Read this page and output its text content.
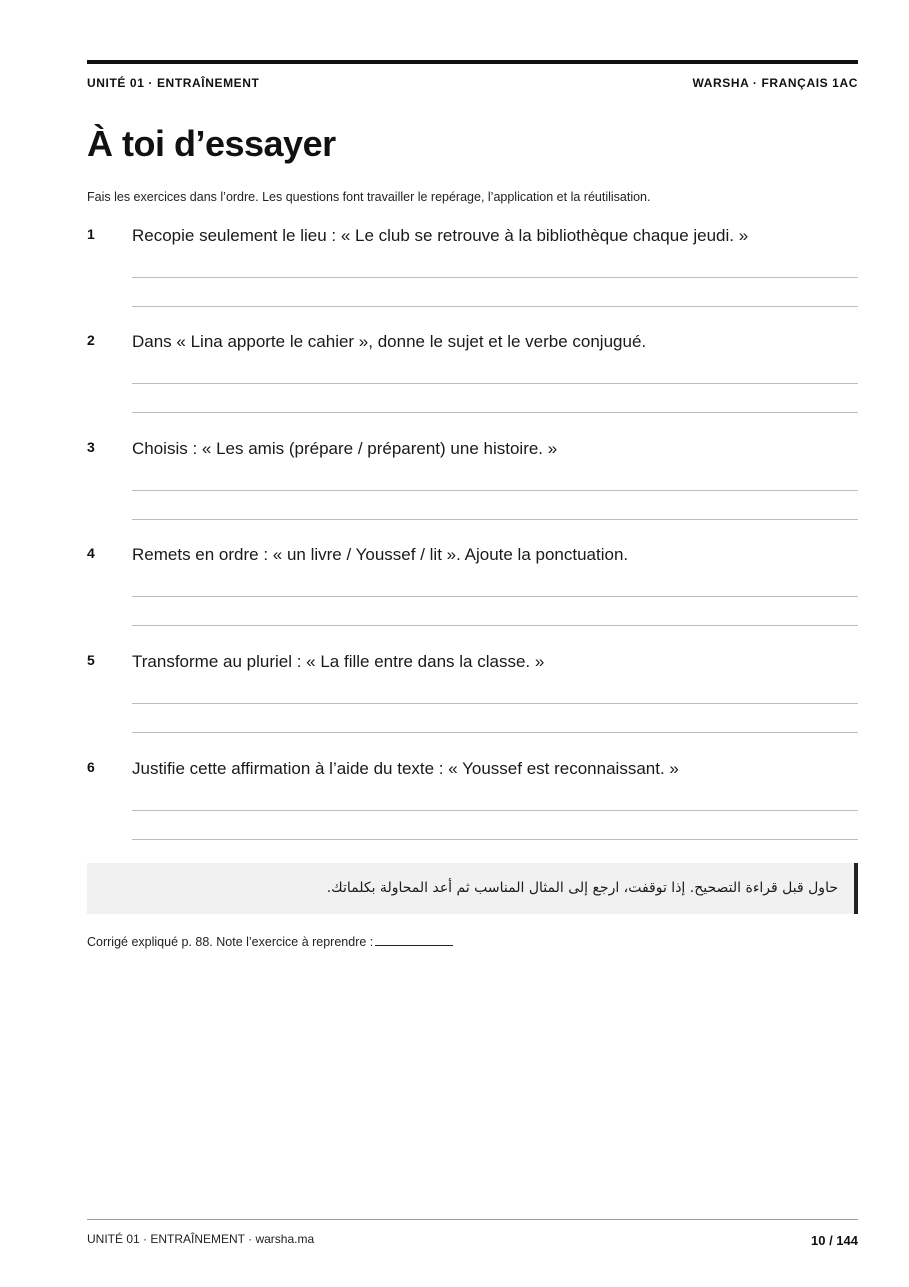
UNITÉ 01 · ENTRAÎNEMENT	WARSHA · FRANÇAIS 1AC
À toi d’essayer
Fais les exercices dans l’ordre. Les questions font travailler le repérage, l’application et la réutilisation.
1 Recopie seulement le lieu : « Le club se retrouve à la bibliothèque chaque jeudi. »
2 Dans « Lina apporte le cahier », donne le sujet et le verbe conjugué.
3 Choisis : « Les amis (prépare / préparent) une histoire. »
4 Remets en ordre : « un livre / Youssef / lit ». Ajoute la ponctuation.
5 Transforme au pluriel : « La fille entre dans la classe. »
6 Justifie cette affirmation à l’aide du texte : « Youssef est reconnaissant. »
حاول قبل قراءة التصحيح. إذا توقفت، ارجع إلى المثال المناسب ثم أعد المحاولة بكلماتك.
Corrigé expliqué p. 88. Note l’exercice à reprendre :
UNITÉ 01 · ENTRAÎNEMENT · warsha.ma	10 / 144
